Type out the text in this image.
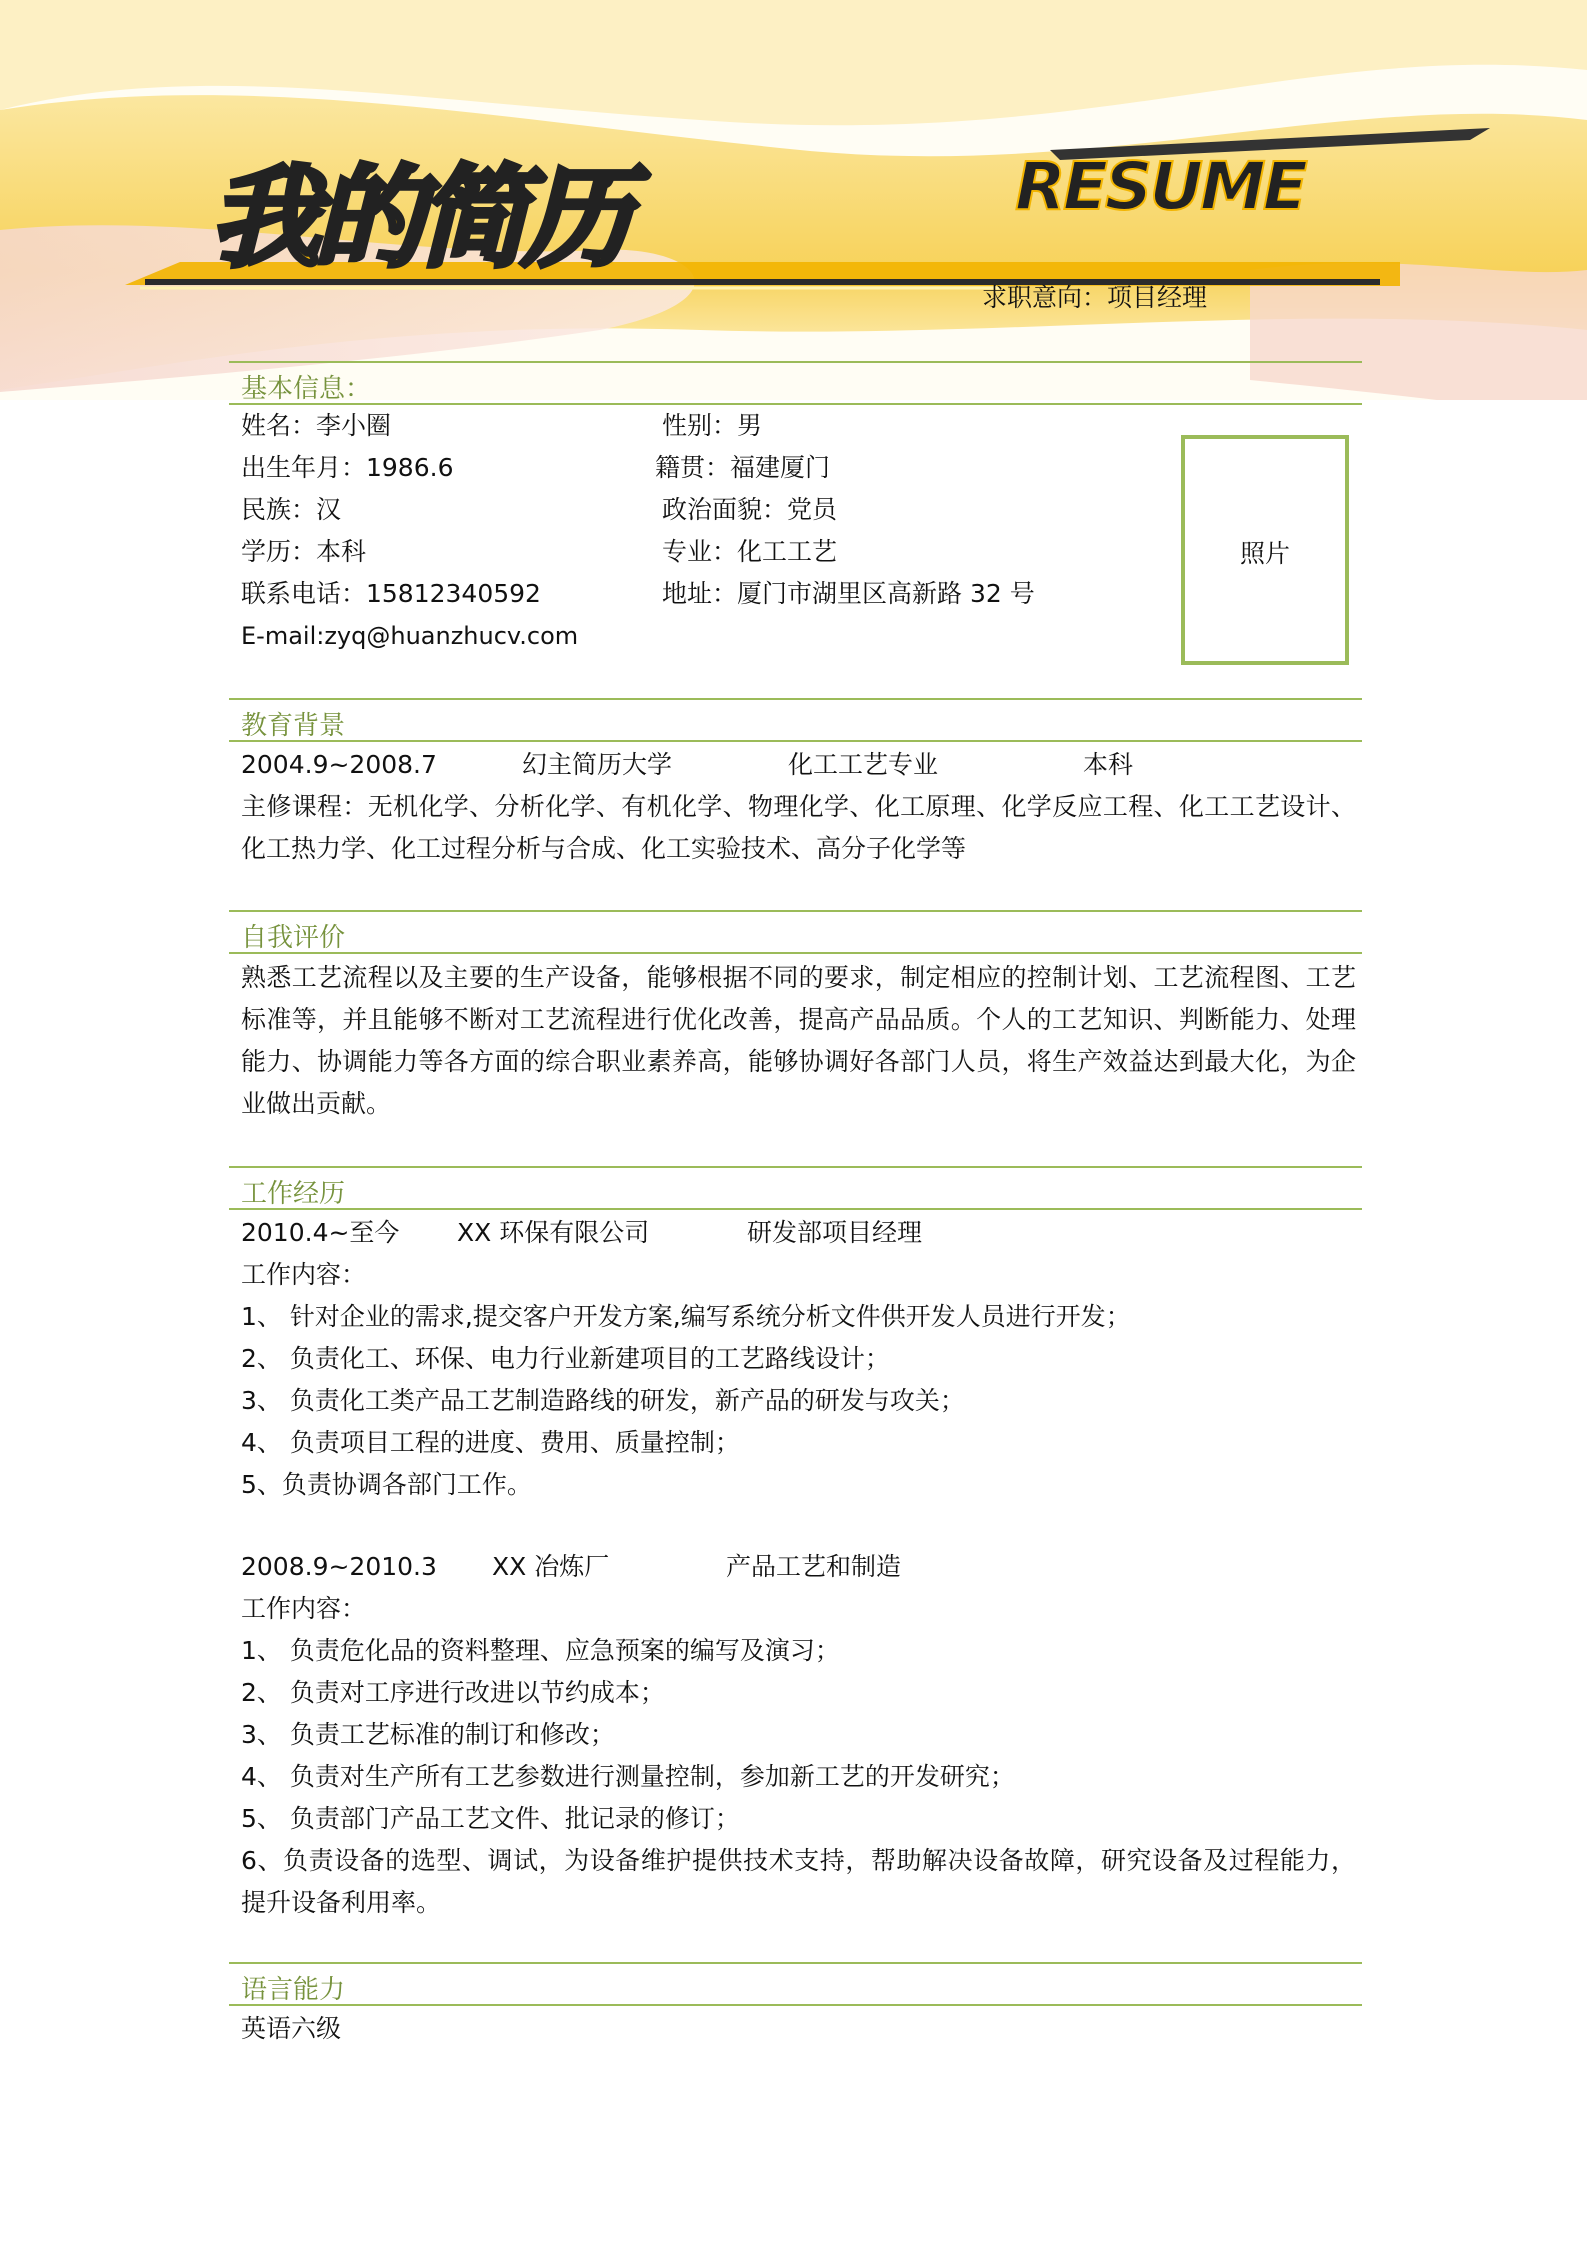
我的简历	RESUME
求职意向：项目经理
基本信息：
姓名：李小圈	性别：男
出生年月：1986.6	籍贯：福建厦门
民族：汉	政治面貌：党员
学历：本科	专业：化工工艺
联系电话：15812340592	地址：厦门市湖里区高新路 32 号
E-mail:zyq@huanzhucv.com
照片
教育背景
2004.9~2008.7	幻主简历大学	化工工艺专业	本科
主修课程：无机化学、分析化学、有机化学、物理化学、化工原理、化学反应工程、化工工艺设计、化工热力学、化工过程分析与合成、化工实验技术、高分子化学等
自我评价
熟悉工艺流程以及主要的生产设备，能够根据不同的要求，制定相应的控制计划、工艺流程图、工艺标准等，并且能够不断对工艺流程进行优化改善，提高产品品质。个人的工艺知识、判断能力、处理能力、协调能力等各方面的综合职业素养高，能够协调好各部门人员，将生产效益达到最大化，为企业做出贡献。
工作经历
2010.4~至今 XX 环保有限公司	研发部项目经理
工作内容：
1、 针对企业的需求,提交客户开发方案,编写系统分析文件供开发人员进行开发；
2、 负责化工、环保、电力行业新建项目的工艺路线设计；
3、 负责化工类产品工艺制造路线的研发，新产品的研发与攻关；
4、 负责项目工程的进度、费用、质量控制；
5、负责协调各部门工作。
2008.9~2010.3 XX 冶炼厂	产品工艺和制造
工作内容：
1、 负责危化品的资料整理、应急预案的编写及演习；
2、 负责对工序进行改进以节约成本；
3、 负责工艺标准的制订和修改；
4、 负责对生产所有工艺参数进行测量控制，参加新工艺的开发研究；
5、 负责部门产品工艺文件、批记录的修订；
6、负责设备的选型、调试，为设备维护提供技术支持，帮助解决设备故障，研究设备及过程能力，提升设备利用率。
语言能力
英语六级
